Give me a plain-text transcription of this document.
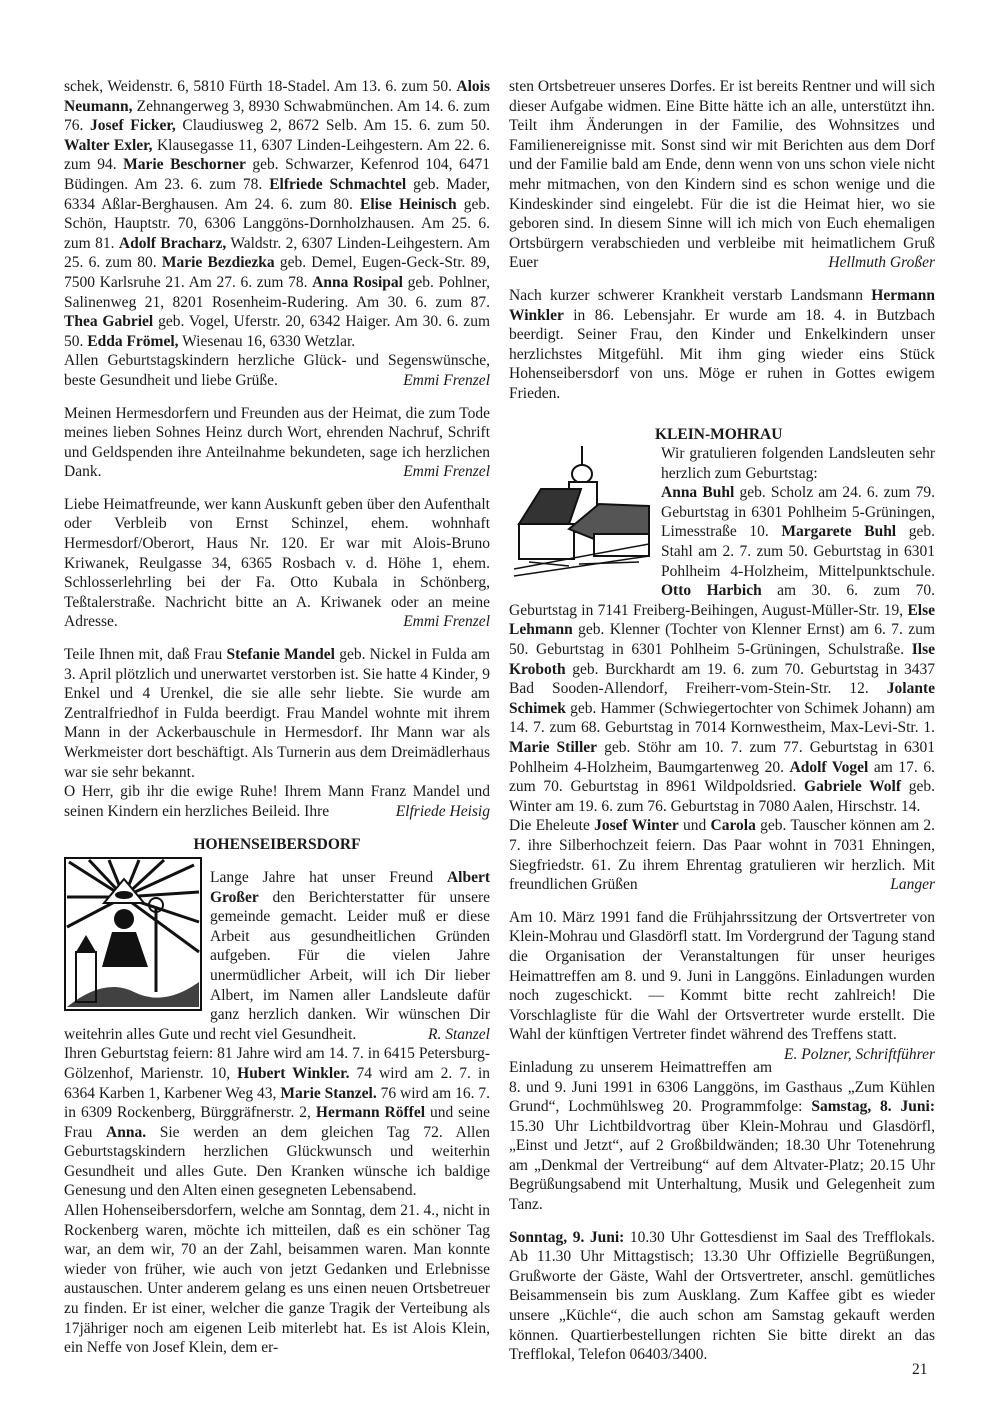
schek, Weidenstr. 6, 5810 Fürth 18-Stadel. Am 13. 6. zum 50. Alois Neumann, Zehnangerweg 3, 8930 Schwabmünchen. Am 14. 6. zum 76. Josef Ficker, Claudiusweg 2, 8672 Selb. Am 15. 6. zum 50. Walter Exler, Klausegasse 11, 6307 Linden-Leihgestern. Am 22. 6. zum 94. Marie Beschorner geb. Schwarzer, Kefenrod 104, 6471 Büdingen. Am 23. 6. zum 78. Elfriede Schmachtel geb. Mader, 6334 Aßlar-Berghausen. Am 24. 6. zum 80. Elise Heinisch geb. Schön, Hauptstr. 70, 6306 Langgöns-Dornholzhausen. Am 25. 6. zum 81. Adolf Bracharz, Waldstr. 2, 6307 Linden-Leihgestern. Am 25. 6. zum 80. Marie Bezdiezka geb. Demel, Eugen-Geck-Str. 89, 7500 Karlsruhe 21. Am 27. 6. zum 78. Anna Rosipal geb. Pohlner, Salinenweg 21, 8201 Rosenheim-Rudering. Am 30. 6. zum 87. Thea Gabriel geb. Vogel, Uferstr. 20, 6342 Haiger. Am 30. 6. zum 50. Edda Frömel, Wiesenau 16, 6330 Wetzlar.

Allen Geburtstagskindern herzliche Glück- und Segenswünsche, beste Gesundheit und liebe Grüße.	Emmi Frenzel

Meinen Hermesdorfern und Freunden aus der Heimat, die zum Tode meines lieben Sohnes Heinz durch Wort, ehrenden Nachruf, Schrift und Geldspenden ihre Anteilnahme bekundeten, sage ich herzlichen Dank.	Emmi Frenzel

Liebe Heimatfreunde, wer kann Auskunft geben über den Aufenthalt oder Verbleib von Ernst Schinzel, ehem. wohnhaft Hermesdorf/Oberort, Haus Nr. 120. Er war mit Alois-Bruno Kriwanek, Reulgasse 34, 6365 Rosbach v. d. Höhe 1, ehem. Schlosserlehrling bei der Fa. Otto Kubala in Schönberg, Teßtalerstraße. Nachricht bitte an A. Kriwanek oder an meine Adresse.	Emmi Frenzel

Teile Ihnen mit, daß Frau Stefanie Mandel geb. Nickel in Fulda am 3. April plötzlich und unerwartet verstorben ist. Sie hatte 4 Kinder, 9 Enkel und 4 Urenkel, die sie alle sehr liebte. Sie wurde am Zentralfriedhof in Fulda beerdigt. Frau Mandel wohnte mit ihrem Mann in der Ackerbauschule in Hermesdorf. Ihr Mann war als Werkmeister dort beschäftigt. Als Turnerin aus dem Dreimädlerhaus war sie sehr bekannt.

O Herr, gib ihr die ewige Ruhe! Ihrem Mann Franz Mandel und seinen Kindern ein herzliches Beileid. Ihre	Elfriede Heisig

HOHENSEIBERSDORF

Lange Jahre hat unser Freund Albert Großer den Berichterstatter für unsere gemeinde gemacht. Leider muß er diese Arbeit aus gesundheitlichen Gründen aufgeben. Für die vielen Jahre unermüdlicher Arbeit, will ich Dir lieber Albert, im Namen aller Landsleute dafür ganz herzlich danken. Wir wünschen Dir weitehrin alles Gute und recht viel Gesundheit.	R. Stanzel

Ihren Geburtstag feiern: 81 Jahre wird am 14. 7. in 6415 Petersburg-Gölzenhof, Marienstr. 10, Hubert Winkler. 74 wird am 2. 7. in 6364 Karben 1, Karbener Weg 43, Marie Stanzel. 76 wird am 16. 7. in 6309 Rockenberg, Bürggräfnerstr. 2, Hermann Röffel und seine Frau Anna. Sie werden an dem gleichen Tag 72. Allen Geburtstagskindern herzlichen Glückwunsch und weiterhin Gesundheit und alles Gute. Den Kranken wünsche ich baldige Genesung und den Alten einen gesegneten Lebensabend.

Allen Hohenseibersdorfern, welche am Sonntag, dem 21. 4., nicht in Rockenberg waren, möchte ich mitteilen, daß es ein schöner Tag war, an dem wir, 70 an der Zahl, beisammen waren. Man konnte wieder von früher, wie auch von jetzt Gedanken und Erlebnisse austauschen. Unter anderem gelang es uns einen neuen Ortsbetreuer zu finden. Er ist einer, welcher die ganze Tragik der Verteibung als 17jähriger noch am eigenen Leib miterlebt hat. Es ist Alois Klein, ein Neffe von Josef Klein, dem er-

sten Ortsbetreuer unseres Dorfes. Er ist bereits Rentner und will sich dieser Aufgabe widmen. Eine Bitte hätte ich an alle, unterstützt ihn. Teilt ihm Änderungen in der Familie, des Wohnsitzes und Familienereignisse mit. Sonst sind wir mit Berichten aus dem Dorf und der Familie bald am Ende, denn wenn von uns schon viele nicht mehr mitmachen, von den Kindern sind es schon wenige und die Kindeskinder sind eingelebt. Für die ist die Heimat hier, wo sie geboren sind. In diesem Sinne will ich mich von Euch ehemaligen Ortsbürgern verabschieden und verbleibe mit heimatlichem Gruß Euer	Hellmuth Großer

Nach kurzer schwerer Krankheit verstarb Landsmann Hermann Winkler in 86. Lebensjahr. Er wurde am 18. 4. in Butzbach beerdigt. Seiner Frau, den Kinder und Enkelkindern unser herzlichstes Mitgefühl. Mit ihm ging wieder eins Stück Hohenseibersdorf von uns. Möge er ruhen in Gottes ewigem Frieden.

KLEIN-MOHRAU

Wir gratulieren folgenden Landsleuten sehr herzlich zum Geburtstag:

Anna Buhl geb. Scholz am 24. 6. zum 79. Geburtstag in 6301 Pohlheim 5-Grüningen, Limesstraße 10. Margarete Buhl geb. Stahl am 2. 7. zum 50. Geburtstag in 6301 Pohlheim 4-Holzheim, Mittelpunktschule. Otto Harbich am 30. 6. zum 70. Geburtstag in 7141 Freiberg-Beihingen, August-Müller-Str. 19, Else Lehmann geb. Klenner (Tochter von Klenner Ernst) am 6. 7. zum 50. Geburtstag in 6301 Pohlheim 5-Grüningen, Schulstraße. Ilse Kroboth geb. Burckhardt am 19. 6. zum 70. Geburtstag in 3437 Bad Sooden-Allendorf, Freiherr-vom-Stein-Str. 12. Jolante Schimek geb. Hammer (Schwiegertochter von Schimek Johann) am 14. 7. zum 68. Geburtstag in 7014 Kornwestheim, Max-Levi-Str. 1. Marie Stiller geb. Stöhr am 10. 7. zum 77. Geburtstag in 6301 Pohlheim 4-Holzheim, Baumgartenweg 20. Adolf Vogel am 17. 6. zum 70. Geburtstag in 8961 Wildpoldsried. Gabriele Wolf geb. Winter am 19. 6. zum 76. Geburtstag in 7080 Aalen, Hirschstr. 14.

Die Eheleute Josef Winter und Carola geb. Tauscher können am 2. 7. ihre Silberhochzeit feiern. Das Paar wohnt in 7031 Ehningen, Siegfriedstr. 61. Zu ihrem Ehrentag gratulieren wir herzlich. Mit freundlichen Grüßen	Langer

Am 10. März 1991 fand die Frühjahrssitzung der Ortsvertreter von Klein-Mohrau und Glasdörfl statt. Im Vordergrund der Tagung stand die Organisation der Veranstaltungen für unser heuriges Heimattreffen am 8. und 9. Juni in Langgöns. Einladungen wurden noch zugeschickt. — Kommt bitte recht zahlreich! Die Vorschlagliste für die Wahl der Ortsvertreter wurde erstellt. Die Wahl der künftigen Vertreter findet während des Treffens statt.
E. Polzner, Schriftführer

Einladung zu unserem Heimattreffen am 8. und 9. Juni 1991 in 6306 Langgöns, im Gasthaus „Zum Kühlen Grund“, Lochmühlsweg 20. Programmfolge: Samstag, 8. Juni: 15.30 Uhr Lichtbildvortrag über Klein-Mohrau und Glasdörfl, „Einst und Jetzt“, auf 2 Großbildwänden; 18.30 Uhr Totenehrung am „Denkmal der Vertreibung“ auf dem Altvater-Platz; 20.15 Uhr Begrüßungsabend mit Unterhaltung, Musik und Gelegenheit zum Tanz.

Sonntag, 9. Juni: 10.30 Uhr Gottesdienst im Saal des Trefflokals. Ab 11.30 Uhr Mittagstisch; 13.30 Uhr Offizielle Begrüßungen, Grußworte der Gäste, Wahl der Ortsvertreter, anschl. gemütliches Beisammensein bis zum Ausklang. Zum Kaffee gibt es wieder unsere „Küchle“, die auch schon am Samstag gekauft werden können. Quartierbestellungen richten Sie bitte direkt an das Trefflokal, Telefon 06403/3400.

21
